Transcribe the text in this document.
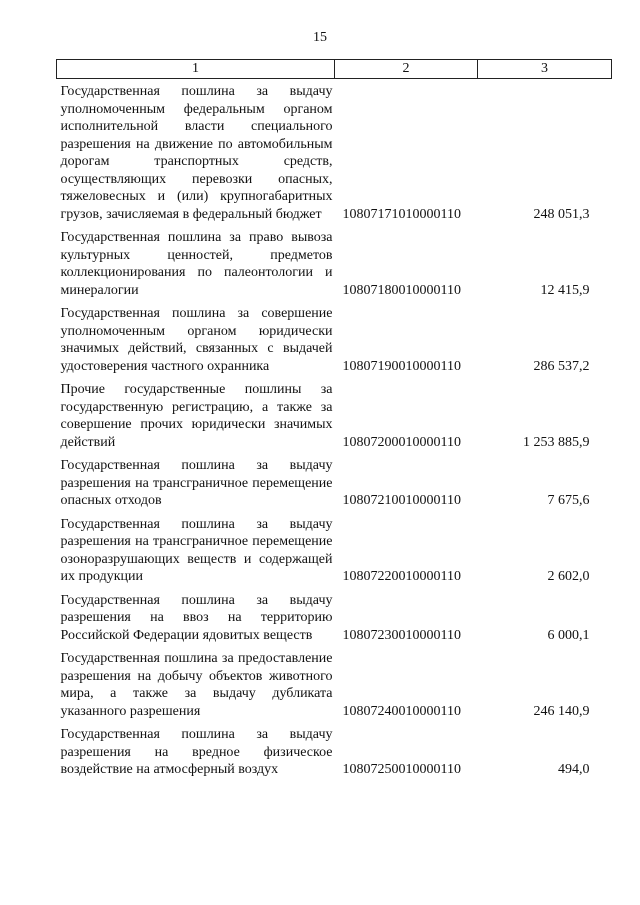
15
1	2	3
Государственная пошлина за выдачу уполномоченным федеральным органом исполнительной власти специального разрешения на движение по автомобильным дорогам транспортных средств, осуществляющих перевозки опасных, тяжеловесных и (или) крупногабаритных грузов, зачисляемая в федеральный бюджет	10807171010000110	248 051,3
Государственная пошлина за право вывоза культурных ценностей, предметов коллекционирования по палеонтологии и минералогии	10807180010000110	12 415,9
Государственная пошлина за совершение уполномоченным органом юридически значимых действий, связанных с выдачей удостоверения частного охранника	10807190010000110	286 537,2
Прочие государственные пошлины за государственную регистрацию, а также за совершение прочих юридически значимых действий	10807200010000110	1 253 885,9
Государственная пошлина за выдачу разрешения на трансграничное перемещение опасных отходов	10807210010000110	7 675,6
Государственная пошлина за выдачу разрешения на трансграничное перемещение озоноразрушающих веществ и содержащей их продукции	10807220010000110	2 602,0
Государственная пошлина за выдачу разрешения на ввоз на территорию Российской Федерации ядовитых веществ	10807230010000110	6 000,1
Государственная пошлина за предоставление разрешения на добычу объектов животного мира, а также за выдачу дубликата указанного разрешения	10807240010000110	246 140,9
Государственная пошлина за выдачу разрешения на вредное физическое воздействие на атмосферный воздух	10807250010000110	494,0
